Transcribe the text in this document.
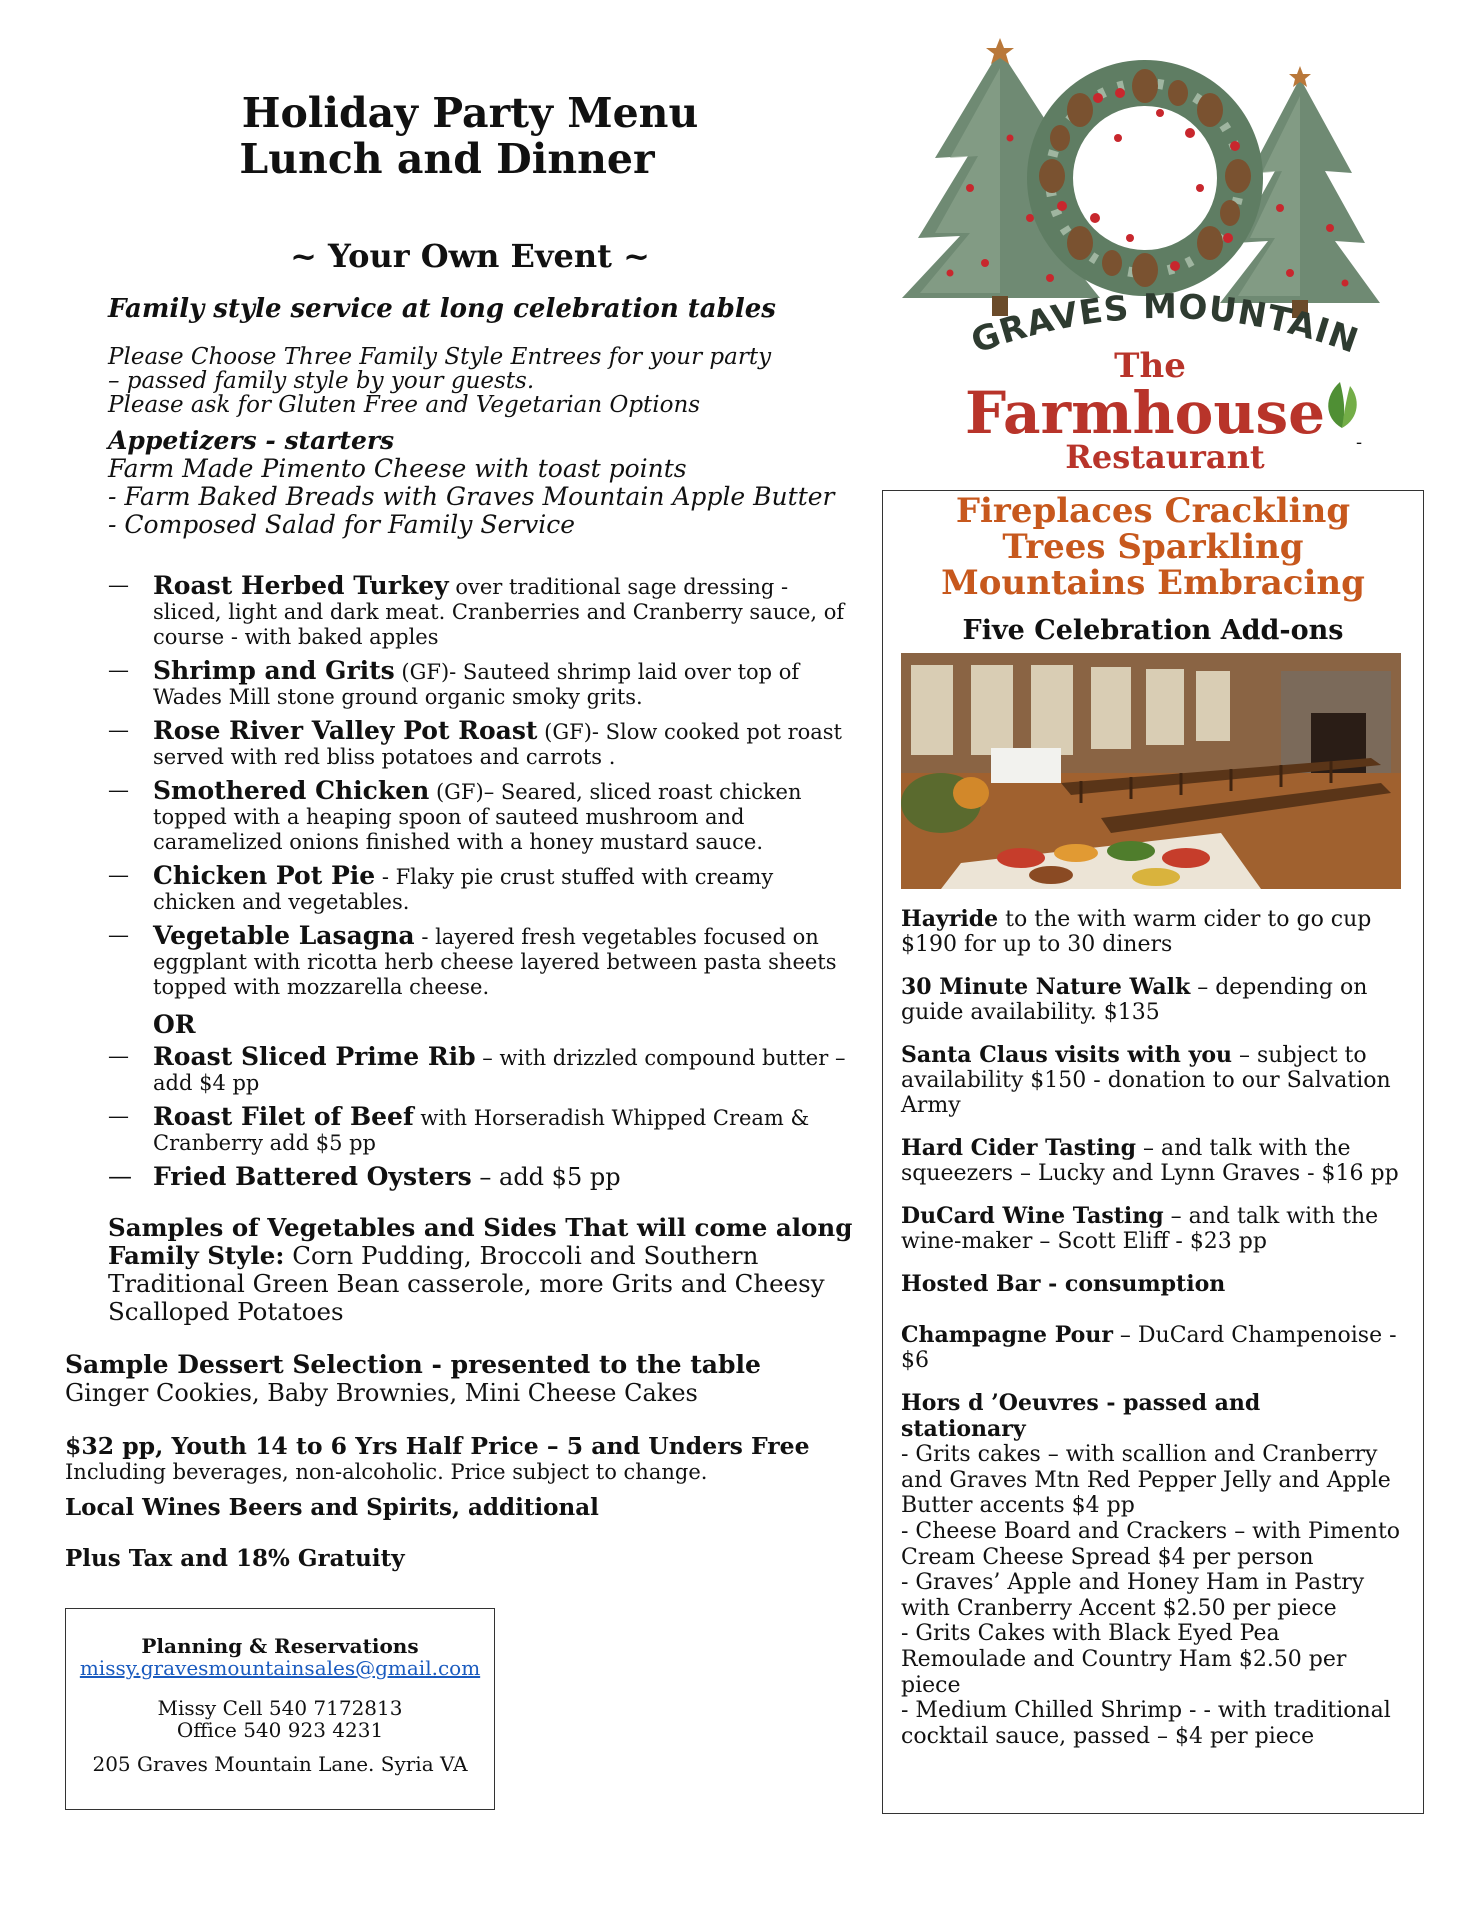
Holiday Party Menu
Lunch and Dinner
~ Your Own Event ~
Family style service at long celebration tables
Please Choose Three Family Style Entrees for your party
– passed family style by your guests.
Please ask for Gluten Free and Vegetarian Options
Appetizers - starters
Farm Made Pimento Cheese with toast points
- Farm Baked Breads with Graves Mountain Apple Butter
- Composed Salad for Family Service
— Roast Herbed Turkey over traditional sage dressing - sliced, light and dark meat. Cranberries and Cranberry sauce, of course - with baked apples
— Shrimp and Grits (GF)- Sauteed shrimp laid over top of Wades Mill stone ground organic smoky grits.
— Rose River Valley Pot Roast (GF)- Slow cooked pot roast served with red bliss potatoes and carrots .
— Smothered Chicken (GF)– Seared, sliced roast chicken topped with a heaping spoon of sauteed mushroom and caramelized onions finished with a honey mustard sauce.
— Chicken Pot Pie - Flaky pie crust stuffed with creamy chicken and vegetables.
— Vegetable Lasagna - layered fresh vegetables focused on eggplant with ricotta herb cheese layered between pasta sheets topped with mozzarella cheese.
OR
— Roast Sliced Prime Rib – with drizzled compound butter – add $4 pp
— Roast Filet of Beef with Horseradish Whipped Cream & Cranberry add $5 pp
— Fried Battered Oysters – add $5 pp
Samples of Vegetables and Sides That will come along Family Style: Corn Pudding, Broccoli and Southern Traditional Green Bean casserole, more Grits and Cheesy Scalloped Potatoes
Sample Dessert Selection - presented to the table
Ginger Cookies, Baby Brownies, Mini Cheese Cakes
$32 pp, Youth 14 to 6 Yrs Half Price – 5 and Unders Free
Including beverages, non-alcoholic. Price subject to change.
Local Wines Beers and Spirits, additional
Plus Tax and 18% Gratuity
Planning & Reservations
missy.gravesmountainsales@gmail.com
Missy Cell 540 7172813
Office 540 923 4231
205 Graves Mountain Lane. Syria VA
GRAVES MOUNTAIN
The
Farmhouse
Restaurant	-
Fireplaces Crackling
Trees Sparkling
Mountains Embracing
Five Celebration Add-ons
Hayride to the with warm cider to go cup $190 for up to 30 diners
30 Minute Nature Walk – depending on guide availability. $135
Santa Claus visits with you – subject to availability $150 - donation to our Salvation Army
Hard Cider Tasting – and talk with the squeezers – Lucky and Lynn Graves - $16 pp
DuCard Wine Tasting – and talk with the wine-maker – Scott Eliff - $23 pp
Hosted Bar - consumption
Champagne Pour – DuCard Champenoise - $6
Hors d ’Oeuvres - passed and stationary
- Grits cakes – with scallion and Cranberry and Graves Mtn Red Pepper Jelly and Apple Butter accents $4 pp
- Cheese Board and Crackers – with Pimento Cream Cheese Spread $4 per person
- Graves’ Apple and Honey Ham in Pastry with Cranberry Accent $2.50 per piece
- Grits Cakes with Black Eyed Pea Remoulade and Country Ham $2.50 per piece
- Medium Chilled Shrimp - - with traditional cocktail sauce, passed – $4 per piece
